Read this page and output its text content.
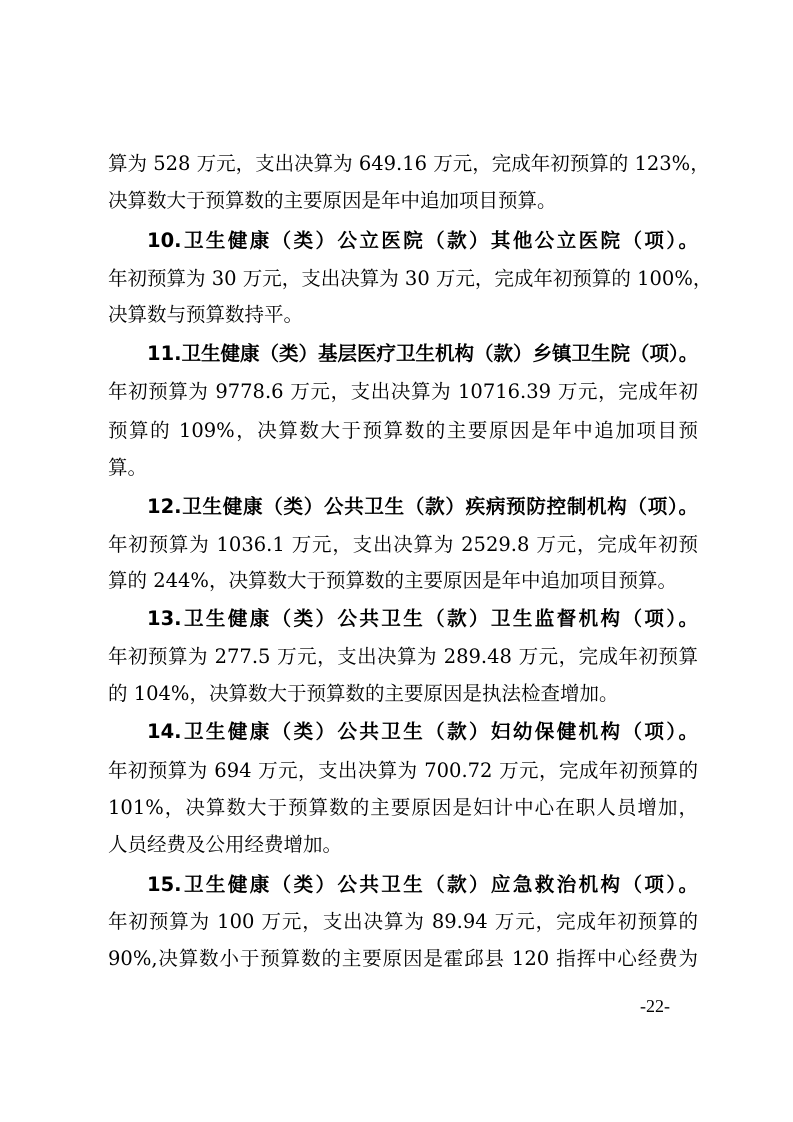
算为 528 万元，支出决算为 649.16 万元，完成年初预算的 123%，
决算数大于预算数的主要原因是年中追加项目预算。
10.卫生健康（类）公立医院（款）其他公立医院（项）。
年初预算为 30 万元，支出决算为 30 万元，完成年初预算的 100%，
决算数与预算数持平。
11.卫生健康（类）基层医疗卫生机构（款）乡镇卫生院（项）。
年初预算为 9778.6 万元，支出决算为 10716.39 万元，完成年初
预算的 109%，决算数大于预算数的主要原因是年中追加项目预
算。
12.卫生健康（类）公共卫生（款）疾病预防控制机构（项）。
年初预算为 1036.1 万元，支出决算为 2529.8 万元，完成年初预
算的 244%，决算数大于预算数的主要原因是年中追加项目预算。
13.卫生健康（类）公共卫生（款）卫生监督机构（项）。
年初预算为 277.5 万元，支出决算为 289.48 万元，完成年初预算
的 104%，决算数大于预算数的主要原因是执法检查增加。
14.卫生健康（类）公共卫生（款）妇幼保健机构（项）。
年初预算为 694 万元，支出决算为 700.72 万元，完成年初预算的
101%，决算数大于预算数的主要原因是妇计中心在职人员增加，
人员经费及公用经费增加。
15.卫生健康（类）公共卫生（款）应急救治机构（项）。
年初预算为 100 万元，支出决算为 89.94 万元，完成年初预算的
90%,决算数小于预算数的主要原因是霍邱县 120 指挥中心经费为
-22-
